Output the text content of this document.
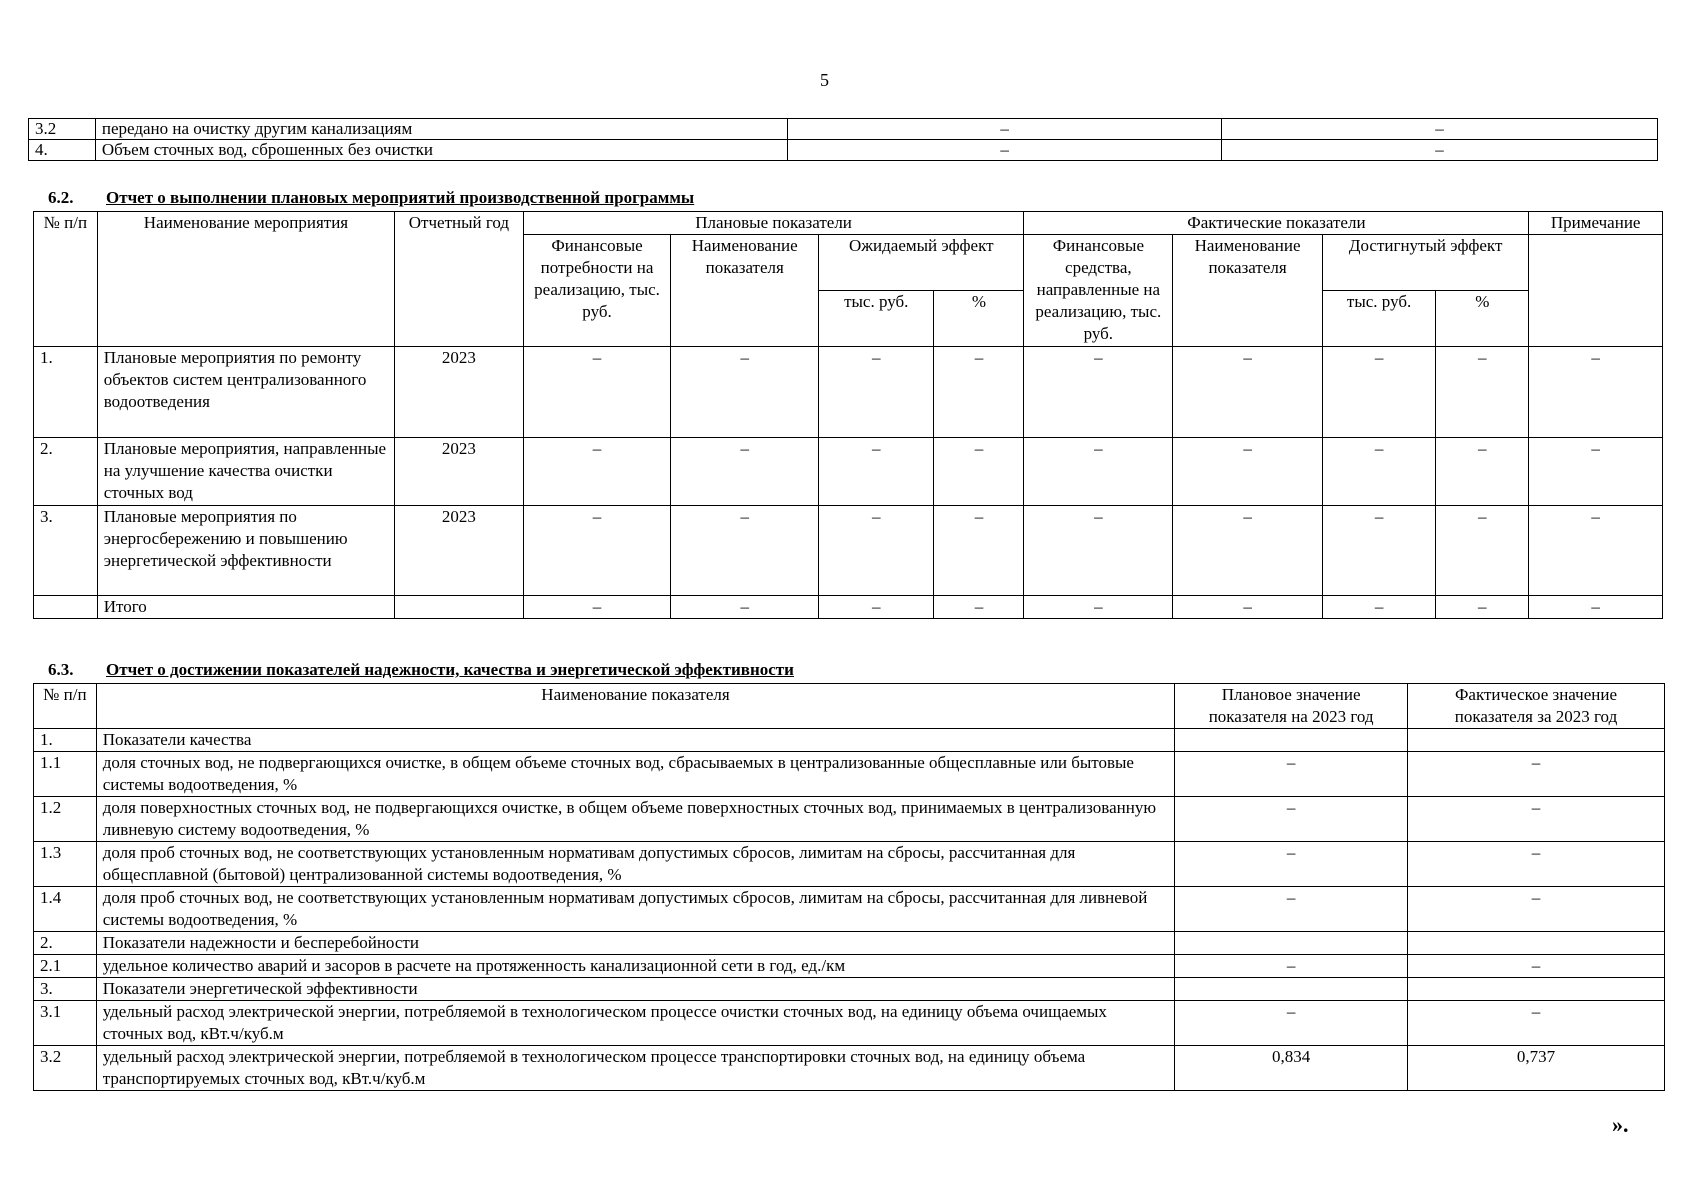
5
3.2	передано на очистку другим канализациям	–	–
4.	Объем сточных вод, сброшенных без очистки	–	–
6.2. Отчет о выполнении плановых мероприятий производственной программы
№ п/п	Наименование мероприятия	Отчетный год	Плановые показатели				Фактические показатели				Примечание
			Финансовые потребности на реализацию, тыс. руб.	Наименование показателя	Ожидаемый эффект		Финансовые средства, направленные на реализацию, тыс. руб.	Наименование показателя	Достигнутый эффект		
					тыс. руб.	%			тыс. руб.	%	
1.	Плановые мероприятия по ремонту объектов систем централизованного водоотведения	2023	–	–	–	–	–	–	–	–	–
2.	Плановые мероприятия, направленные на улучшение качества очистки сточных вод	2023	–	–	–	–	–	–	–	–	–
3.	Плановые мероприятия по энергосбережению и повышению энергетической эффективности	2023	–	–	–	–	–	–	–	–	–
	Итого		–	–	–	–	–	–	–	–	–
6.3. Отчет о достижении показателей надежности, качества и энергетической эффективности
№ п/п	Наименование показателя	Плановое значение показателя на 2023 год	Фактическое значение показателя за 2023 год
1.	Показатели качества		
1.1	доля сточных вод, не подвергающихся очистке, в общем объеме сточных вод, сбрасываемых в централизованные общесплавные или бытовые системы водоотведения, %	–	–
1.2	доля поверхностных сточных вод, не подвергающихся очистке, в общем объеме поверхностных сточных вод, принимаемых в централизованную ливневую систему водоотведения, %	–	–
1.3	доля проб сточных вод, не соответствующих установленным нормативам допустимых сбросов, лимитам на сбросы, рассчитанная для общесплавной (бытовой) централизованной системы водоотведения, %	–	–
1.4	доля проб сточных вод, не соответствующих установленным нормативам допустимых сбросов, лимитам на сбросы, рассчитанная для ливневой системы водоотведения, %	–	–
2.	Показатели надежности и бесперебойности		
2.1	удельное количество аварий и засоров в расчете на протяженность канализационной сети в год, ед./км	–	–
3.	Показатели энергетической эффективности		
3.1	удельный расход электрической энергии, потребляемой в технологическом процессе очистки сточных вод, на единицу объема очищаемых сточных вод, кВт.ч/куб.м	–	–
3.2	удельный расход электрической энергии, потребляемой в технологическом процессе транспортировки сточных вод, на единицу объема транспортируемых сточных вод, кВт.ч/куб.м	0,834	0,737
».
